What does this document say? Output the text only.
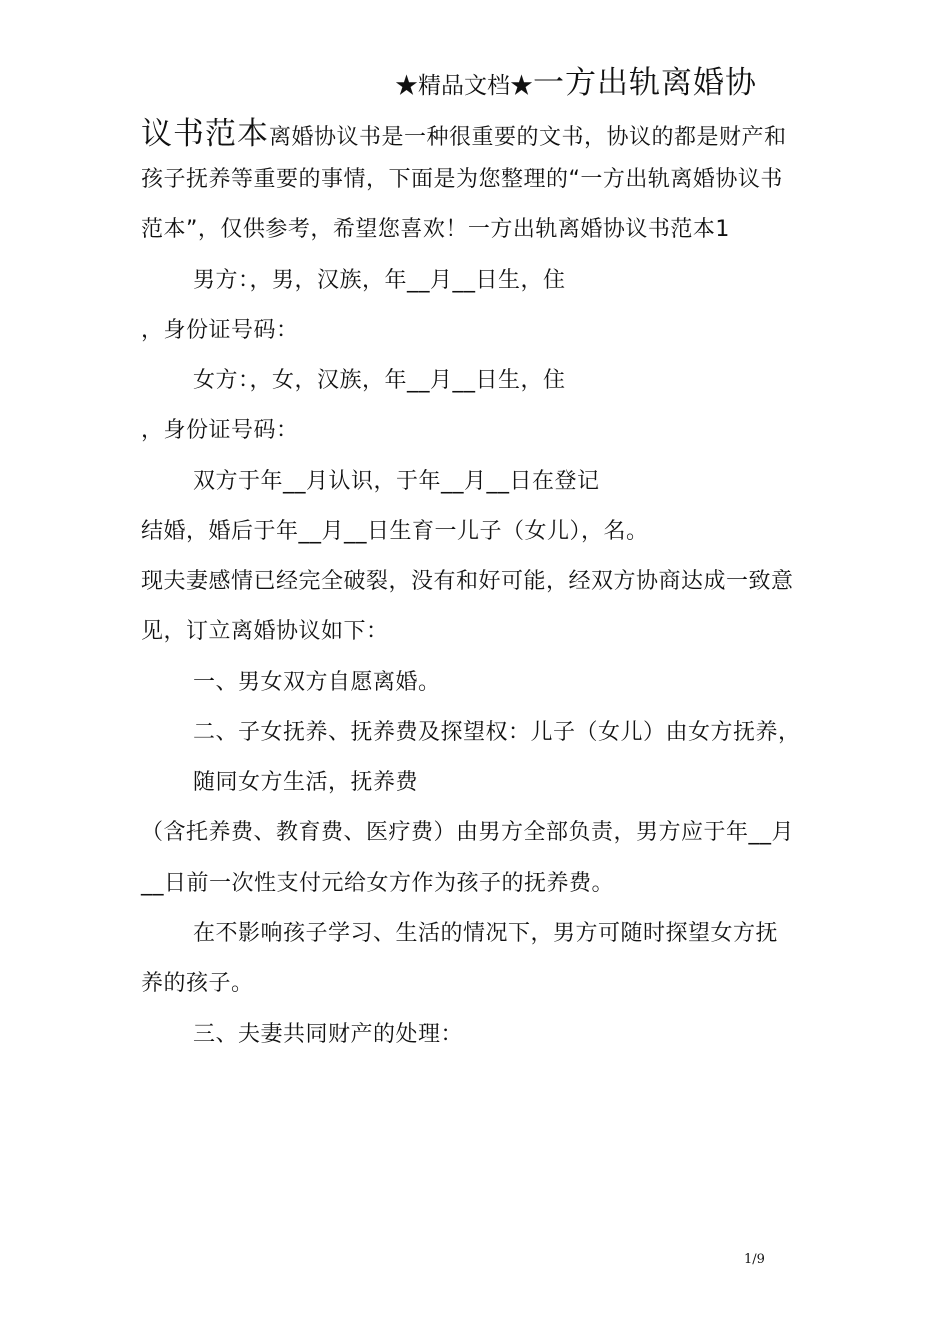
★精品文档★一方出轨离婚协
议书范本离婚协议书是一种很重要的文书，协议的都是财产和
孩子抚养等重要的事情，下面是为您整理的“一方出轨离婚协议书
范本”，仅供参考，希望您喜欢！一方出轨离婚协议书范本1
男方：，男，汉族，年__月__日生，住
，身份证号码：
女方：，女，汉族，年__月__日生，住
，身份证号码：
双方于年__月认识，于年__月__日在登记
结婚，婚后于年__月__日生育一儿子（女儿），名。
现夫妻感情已经完全破裂，没有和好可能，经双方协商达成一致意
见，订立离婚协议如下：
一、男女双方自愿离婚。
二、子女抚养、抚养费及探望权：儿子（女儿）由女方抚养，
随同女方生活，抚养费
（含托养费、教育费、医疗费）由男方全部负责，男方应于年__月
__日前一次性支付元给女方作为孩子的抚养费。
在不影响孩子学习、生活的情况下，男方可随时探望女方抚
养的孩子。
三、夫妻共同财产的处理：
1/9
